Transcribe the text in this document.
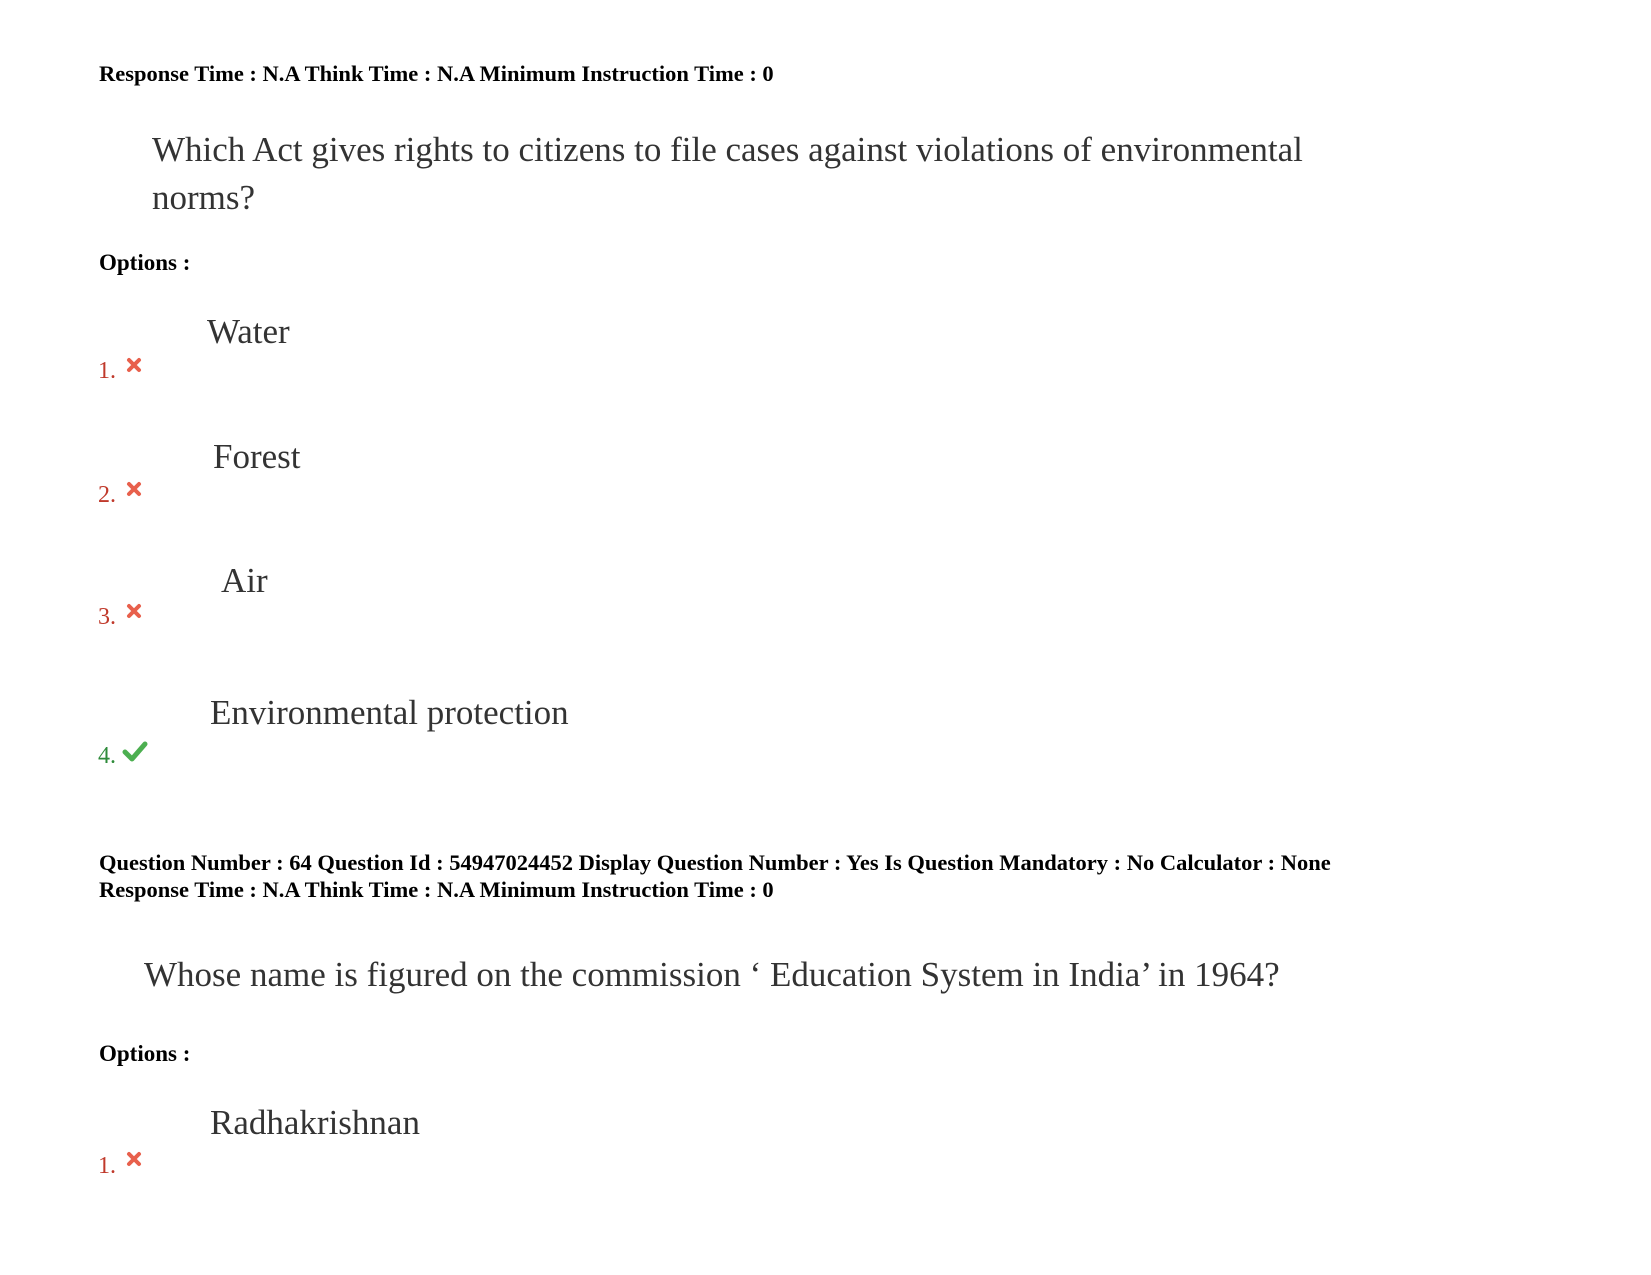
Response Time : N.A Think Time : N.A Minimum Instruction Time : 0

Which Act gives rights to citizens to file cases against violations of environmental

norms?

Options :

Water

1.

Forest

2.

Air

3.

Environmental protection

4.

Question Number : 64 Question Id : 54947024452 Display Question Number : Yes Is Question Mandatory : No Calculator : None

Response Time : N.A Think Time : N.A Minimum Instruction Time : 0

Whose name is figured on the commission ‘ Education System in India’ in 1964?

Options :

Radhakrishnan

1.
